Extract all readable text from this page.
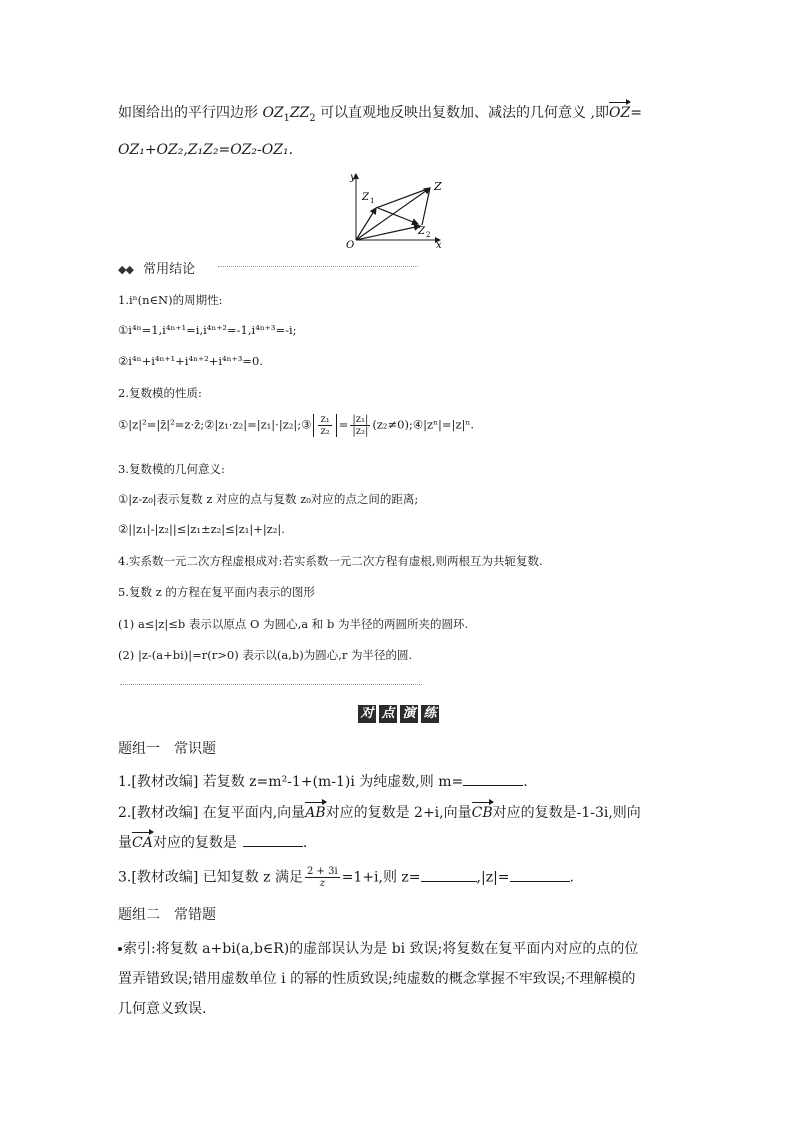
如图给出的平行四边形 $OZ_1ZZ_2$ 可以直观地反映出复数加、减法的几何意义 ,即OZ=
OZ₁+OZ₂,Z₁Z₂=OZ₂-OZ₁.
y
x
O
Z
Z 1
Z 2
◆◆ 常用结论
1.iⁿ(n∈N)的周期性:
①i⁴ⁿ=1,i⁴ⁿ⁺¹=i,i⁴ⁿ⁺²=-1,i⁴ⁿ⁺³=-i;
②i⁴ⁿ+i⁴ⁿ⁺¹+i⁴ⁿ⁺²+i⁴ⁿ⁺³=0.
2.复数模的性质:
①|z|²=|z̄|²=z·z̄;②|z₁·z₂|=|z₁|·|z₂|;③ $\frac{\text{z₁}}{\text{z₂}} = \frac{\text{|z₁|}}{\text{|z₂|}}$ (z₂≠0);④|zⁿ|=|z|ⁿ.
3.复数模的几何意义:
①|z-z₀|表示复数 z 对应的点与复数 z₀对应的点之间的距离;
②||z₁|-|z₂||≤|z₁±z₂|≤|z₁|+|z₂|.
4.实系数一元二次方程虚根成对:若实系数一元二次方程有虚根,则两根互为共轭复数.
5.复数 z 的方程在复平面内表示的图形
(1) a≤|z|≤b 表示以原点 O 为圆心,a 和 b 为半径的两圆所夹的圆环.
(2) |z-(a+bi)|=r(r>0) 表示以(a,b)为圆心,r 为半径的圆.
对 点 演 练
题组一　常识题
1.[教材改编] 若复数 z=m²-1+(m-1)i 为纯虚数,则 m=	.
2.[教材改编] 在复平面内,向量AB对应的复数是 2+i,向量CB对应的复数是-1-3i,则向
量CA对应的复数是	.
3.[教材改编] 已知复数 z 满足 $\frac{2 + 3i}{z} =1+i$,则 z=	,|z|=	.
题组二　常错题
索引:将复数 a+bi(a,b∈R)的虚部误认为是 bi 致误;将复数在复平面内对应的点的位
置弄错致误;错用虚数单位 i 的幂的性质致误;纯虚数的概念掌握不牢致误;不理解模的
几何意义致误.
